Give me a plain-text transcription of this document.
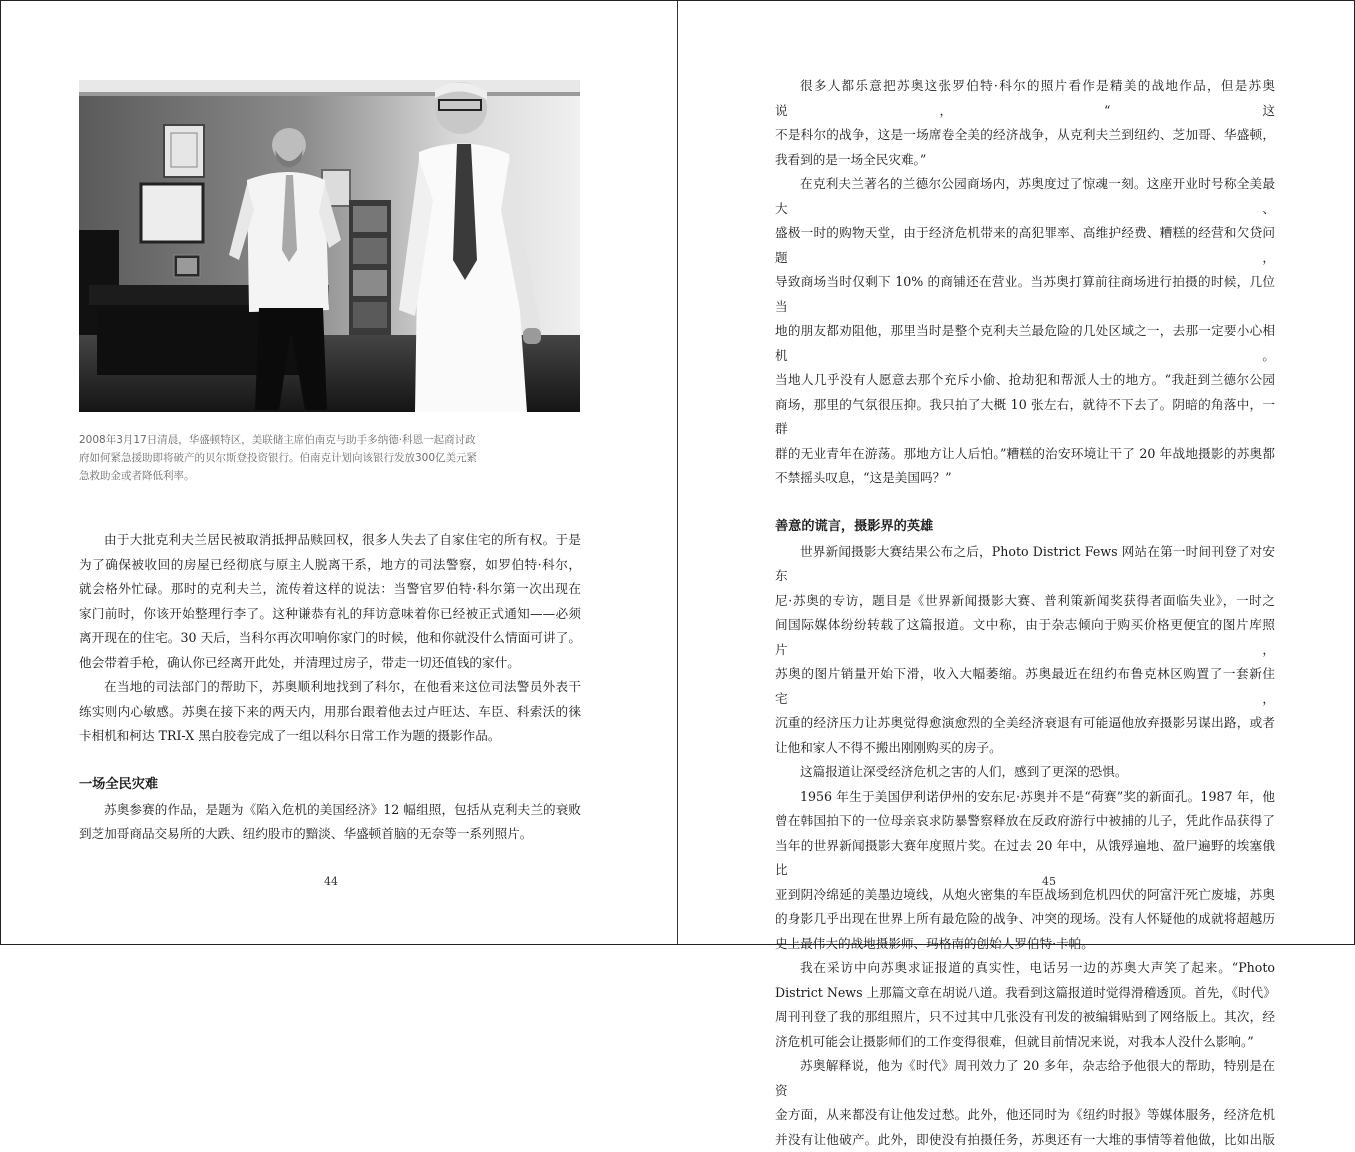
2008年3月17日清晨，华盛顿特区，美联储主席伯南克与助手多纳德·科恩一起商讨政

府如何紧急援助即将破产的贝尔斯登投资银行。伯南克计划向该银行发放300亿美元紧

急救助金或者降低利率。

由于大批克利夫兰居民被取消抵押品赎回权，很多人失去了自家住宅的所有权。于是

为了确保被收回的房屋已经彻底与原主人脱离干系，地方的司法警察，如罗伯特·科尔，

就会格外忙碌。那时的克利夫兰，流传着这样的说法：当警官罗伯特·科尔第一次出现在

家门前时，你该开始整理行李了。这种谦恭有礼的拜访意味着你已经被正式通知——必须

离开现在的住宅。30 天后，当科尔再次叩响你家门的时候，他和你就没什么情面可讲了。

他会带着手枪，确认你已经离开此处，并清理过房子，带走一切还值钱的家什。

在当地的司法部门的帮助下，苏奥顺利地找到了科尔，在他看来这位司法警员外表干

练实则内心敏感。苏奥在接下来的两天内，用那台跟着他去过卢旺达、车臣、科索沃的徕

卡相机和柯达 TRI-X 黑白胶卷完成了一组以科尔日常工作为题的摄影作品。

一场全民灾难

苏奥参赛的作品，是题为《陷入危机的美国经济》12 幅组照，包括从克利夫兰的衰败

到芝加哥商品交易所的大跌、纽约股市的黯淡、华盛顿首脑的无奈等一系列照片。

44

很多人都乐意把苏奥这张罗伯特·科尔的照片看作是精美的战地作品，但是苏奥说，“这

不是科尔的战争，这是一场席卷全美的经济战争，从克利夫兰到纽约、芝加哥、华盛顿，

我看到的是一场全民灾难。”

在克利夫兰著名的兰德尔公园商场内，苏奥度过了惊魂一刻。这座开业时号称全美最大、

盛极一时的购物天堂，由于经济危机带来的高犯罪率、高维护经费、糟糕的经营和欠贷问题，

导致商场当时仅剩下 10% 的商铺还在营业。当苏奥打算前往商场进行拍摄的时候，几位当

地的朋友都劝阻他，那里当时是整个克利夫兰最危险的几处区域之一，去那一定要小心相机。

当地人几乎没有人愿意去那个充斥小偷、抢劫犯和帮派人士的地方。“我赶到兰德尔公园

商场，那里的气氛很压抑。我只拍了大概 10 张左右，就待不下去了。阴暗的角落中，一群

群的无业青年在游荡。那地方让人后怕。”糟糕的治安环境让干了 20 年战地摄影的苏奥都

不禁摇头叹息，“这是美国吗？”

善意的谎言，摄影界的英雄

世界新闻摄影大赛结果公布之后，Photo District Fews 网站在第一时间刊登了对安东

尼·苏奥的专访，题目是《世界新闻摄影大赛、普利策新闻奖获得者面临失业》，一时之

间国际媒体纷纷转载了这篇报道。文中称，由于杂志倾向于购买价格更便宜的图片库照片，

苏奥的图片销量开始下滑，收入大幅萎缩。苏奥最近在纽约布鲁克林区购置了一套新住宅，

沉重的经济压力让苏奥觉得愈演愈烈的全美经济衰退有可能逼他放弃摄影另谋出路，或者

让他和家人不得不搬出刚刚购买的房子。

这篇报道让深受经济危机之害的人们，感到了更深的恐惧。

1956 年生于美国伊利诺伊州的安东尼·苏奥并不是“荷赛”奖的新面孔。1987 年，他

曾在韩国拍下的一位母亲哀求防暴警察释放在反政府游行中被捕的儿子，凭此作品获得了

当年的世界新闻摄影大赛年度照片奖。在过去 20 年中，从饿殍遍地、盈尸遍野的埃塞俄比

亚到阴冷绵延的美墨边境线，从炮火密集的车臣战场到危机四伏的阿富汗死亡废墟，苏奥

的身影几乎出现在世界上所有最危险的战争、冲突的现场。没有人怀疑他的成就将超越历

史上最伟大的战地摄影师、玛格南的创始人罗伯特·卡帕。

我在采访中向苏奥求证报道的真实性，电话另一边的苏奥大声笑了起来。“Photo

District News 上那篇文章在胡说八道。我看到这篇报道时觉得滑稽透顶。首先，《时代》

周刊刊登了我的那组照片，只不过其中几张没有刊发的被编辑贴到了网络版上。其次，经

济危机可能会让摄影师们的工作变得很难，但就目前情况来说，对我本人没什么影响。”

苏奥解释说，他为《时代》周刊效力了 20 多年，杂志给予他很大的帮助，特别是在资

金方面，从来都没有让他发过愁。此外，他还同时为《纽约时报》等媒体服务，经济危机

并没有让他破产。此外，即使没有拍摄任务，苏奥还有一大堆的事情等着他做，比如出版

45
